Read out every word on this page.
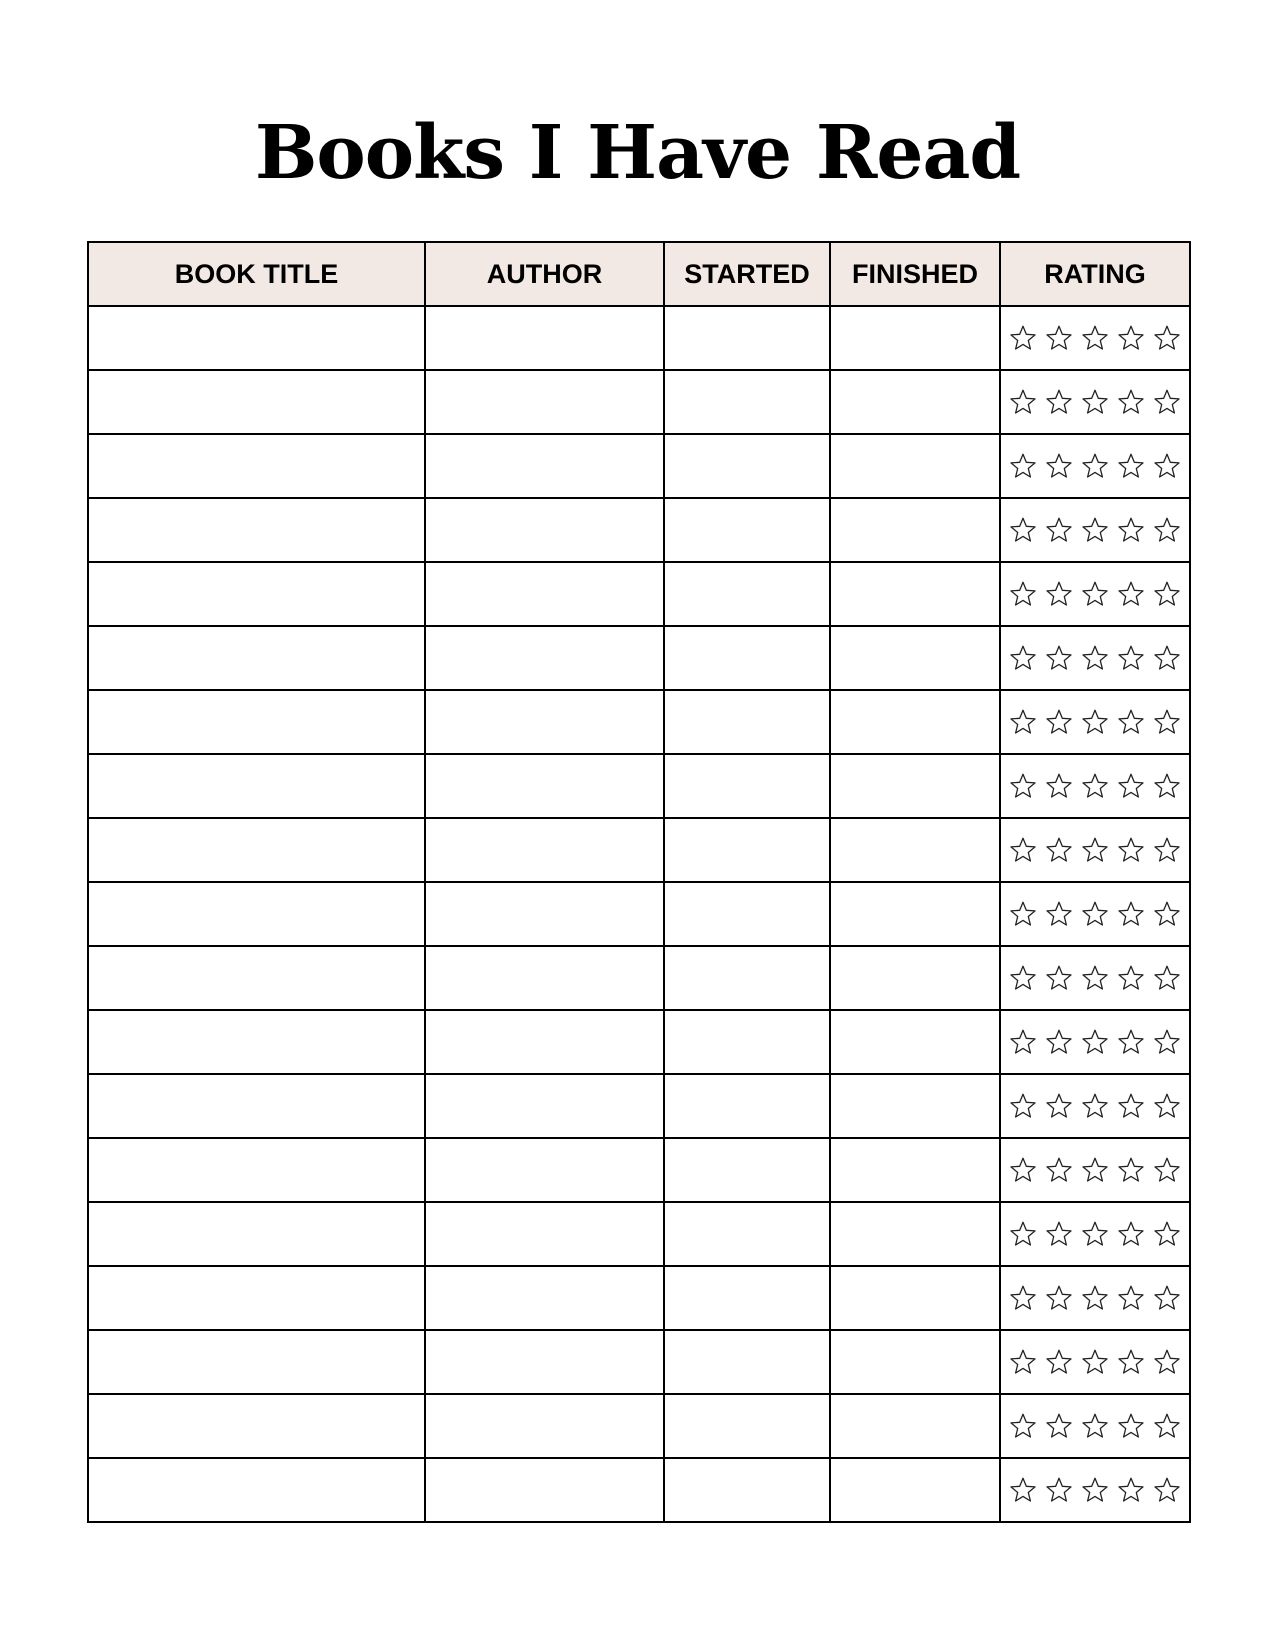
Books I Have Read
BOOK TITLE	AUTHOR	STARTED	FINISHED	RATING
